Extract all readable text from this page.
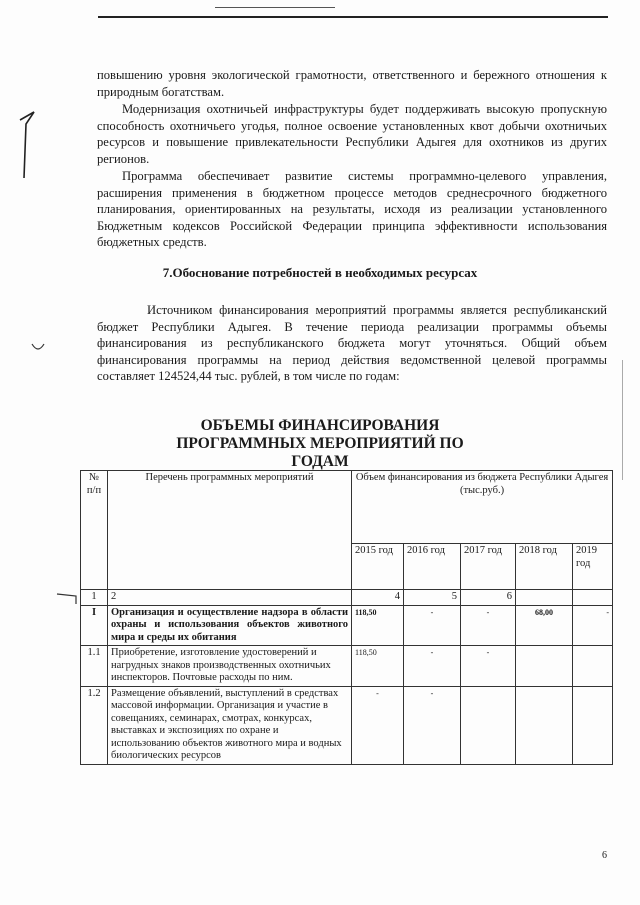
повышению уровня экологической грамотности, ответственного и бережного отношения к природным богатствам.

Модернизация охотничьей инфраструктуры будет поддерживать высокую пропускную способность охотничьего угодья, полное освоение установленных квот добычи охотничьих ресурсов и повышение привлекательности Республики Адыгея для охотников из других регионов.

Программа обеспечивает развитие системы программно-целевого управления, расширения применения в бюджетном процессе методов среднесрочного бюджетного планирования, ориентированных на результаты, исходя из реализации установленного Бюджетным кодексов Российской Федерации принципа эффективности использования бюджетных средств.

7.Обоснование потребностей в необходимых ресурсах

Источником финансирования мероприятий программы является республиканский бюджет Республики Адыгея. В течение периода реализации программы объемы финансирования из республиканского бюджета могут уточняться. Общий объем финансирования программы на период действия ведомственной целевой программы составляет 124524,44 тыс. рублей, в том числе по годам:

ОБЪЕМЫ ФИНАНСИРОВАНИЯ ПРОГРАММНЫХ МЕРОПРИЯТИЙ ПО ГОДАМ

№ п/п	Перечень программных мероприятий	Объем финансирования из бюджета Республики Адыгея (тыс.руб.)				
		2015 год	2016 год	2017 год	2018 год	2019 год
1	2	4	5	6		
I	Организация и осуществление надзора в области охраны и использования объектов животного мира и среды их обитания	118,50	-	-	68,00	-
1.1	Приобретение, изготовление удостоверений и нагрудных знаков производственных охотничьих инспекторов. Почтовые расходы по ним.	118,50	-	-		
1.2	Размещение объявлений, выступлений в средствах массовой информации. Организация и участие в совещаниях, семинарах, смотрах, конкурсах, выставках и экспозициях по охране и использованию объектов животного мира и водных биологических ресурсов	-	-			
6
